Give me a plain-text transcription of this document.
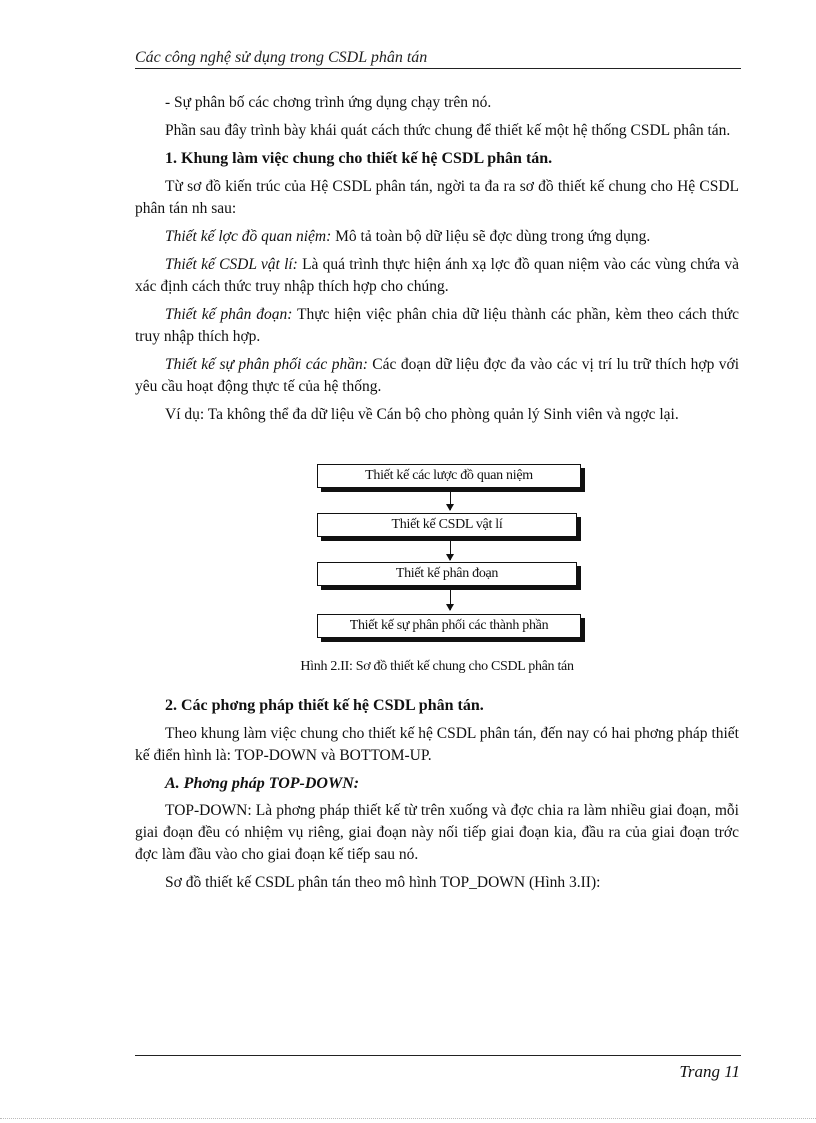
Các công nghệ sử dụng trong CSDL phân tán

- Sự phân bố các chơng trình ứng dụng chạy trên nó.

Phần sau đây trình bày khái quát cách thức chung để thiết kế một hệ thống CSDL phân tán.

1. Khung làm việc chung cho thiết kế hệ CSDL phân tán.

Từ sơ đồ kiến trúc của Hệ CSDL phân tán, ngời ta đa ra sơ đồ thiết kế chung cho Hệ CSDL phân tán nh sau:

Thiết kế lợc đồ quan niệm: Mô tả toàn bộ dữ liệu sẽ đợc dùng trong ứng dụng.

Thiết kế CSDL vật lí: Là quá trình thực hiện ánh xạ lợc đồ quan niệm vào các vùng chứa và xác định cách thức truy nhập thích hợp cho chúng.

Thiết kế phân đoạn: Thực hiện việc phân chia dữ liệu thành các phần, kèm theo cách thức truy nhập thích hợp.

Thiết kế sự phân phối các phần: Các đoạn dữ liệu đợc đa vào các vị trí lu trữ thích hợp với yêu cầu hoạt động thực tế của hệ thống.

Ví dụ: Ta không thể đa dữ liệu về Cán bộ cho phòng quản lý Sinh viên và ngợc lại.

Thiết kế các lược đồ quan niệm
Thiết kế CSDL vật lí
Thiết kế phân đoạn
Thiết kế sự phân phối các thành phần
Hình 2.II: Sơ đồ thiết kế chung cho CSDL phân tán
2. Các phơng pháp thiết kế hệ CSDL phân tán.

Theo khung làm việc chung cho thiết kế hệ CSDL phân tán, đến nay có hai phơng pháp thiết kế điển hình là: TOP-DOWN và BOTTOM-UP.

A. Phơng pháp TOP-DOWN:

TOP-DOWN: Là phơng pháp thiết kế từ trên xuống và đợc chia ra làm nhiều giai đoạn, mỗi giai đoạn đều có nhiệm vụ riêng, giai đoạn này nối tiếp giai đoạn kia, đầu ra của giai đoạn trớc đợc làm đầu vào cho giai đoạn kế tiếp sau nó.

Sơ đồ thiết kế CSDL phân tán theo mô hình TOP_DOWN (Hình 3.II):

Trang 11
